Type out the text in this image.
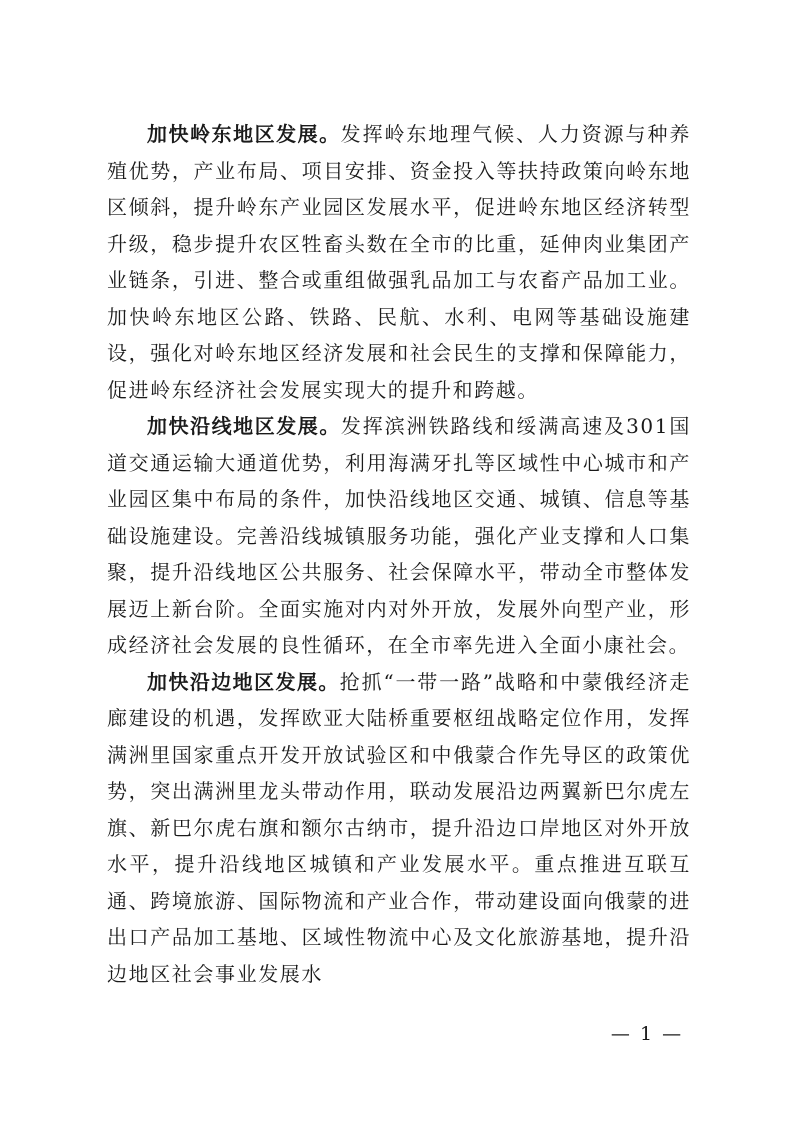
加快岭东地区发展。发挥岭东地理气候、人力资源与种养殖优势，产业布局、项目安排、资金投入等扶持政策向岭东地区倾斜，提升岭东产业园区发展水平，促进岭东地区经济转型升级，稳步提升农区牲畜头数在全市的比重，延伸肉业集团产业链条，引进、整合或重组做强乳品加工与农畜产品加工业。加快岭东地区公路、铁路、民航、水利、电网等基础设施建设，强化对岭东地区经济发展和社会民生的支撑和保障能力，促进岭东经济社会发展实现大的提升和跨越。

加快沿线地区发展。发挥滨洲铁路线和绥满高速及301国道交通运输大通道优势，利用海满牙扎等区域性中心城市和产业园区集中布局的条件，加快沿线地区交通、城镇、信息等基础设施建设。完善沿线城镇服务功能，强化产业支撑和人口集聚，提升沿线地区公共服务、社会保障水平，带动全市整体发展迈上新台阶。全面实施对内对外开放，发展外向型产业，形成经济社会发展的良性循环，在全市率先进入全面小康社会。

加快沿边地区发展。抢抓“一带一路”战略和中蒙俄经济走廊建设的机遇，发挥欧亚大陆桥重要枢纽战略定位作用，发挥满洲里国家重点开发开放试验区和中俄蒙合作先导区的政策优势，突出满洲里龙头带动作用，联动发展沿边两翼新巴尔虎左旗、新巴尔虎右旗和额尔古纳市，提升沿边口岸地区对外开放水平，提升沿线地区城镇和产业发展水平。重点推进互联互通、跨境旅游、国际物流和产业合作，带动建设面向俄蒙的进出口产品加工基地、区域性物流中心及文化旅游基地，提升沿边地区社会事业发展水

— 1 —
